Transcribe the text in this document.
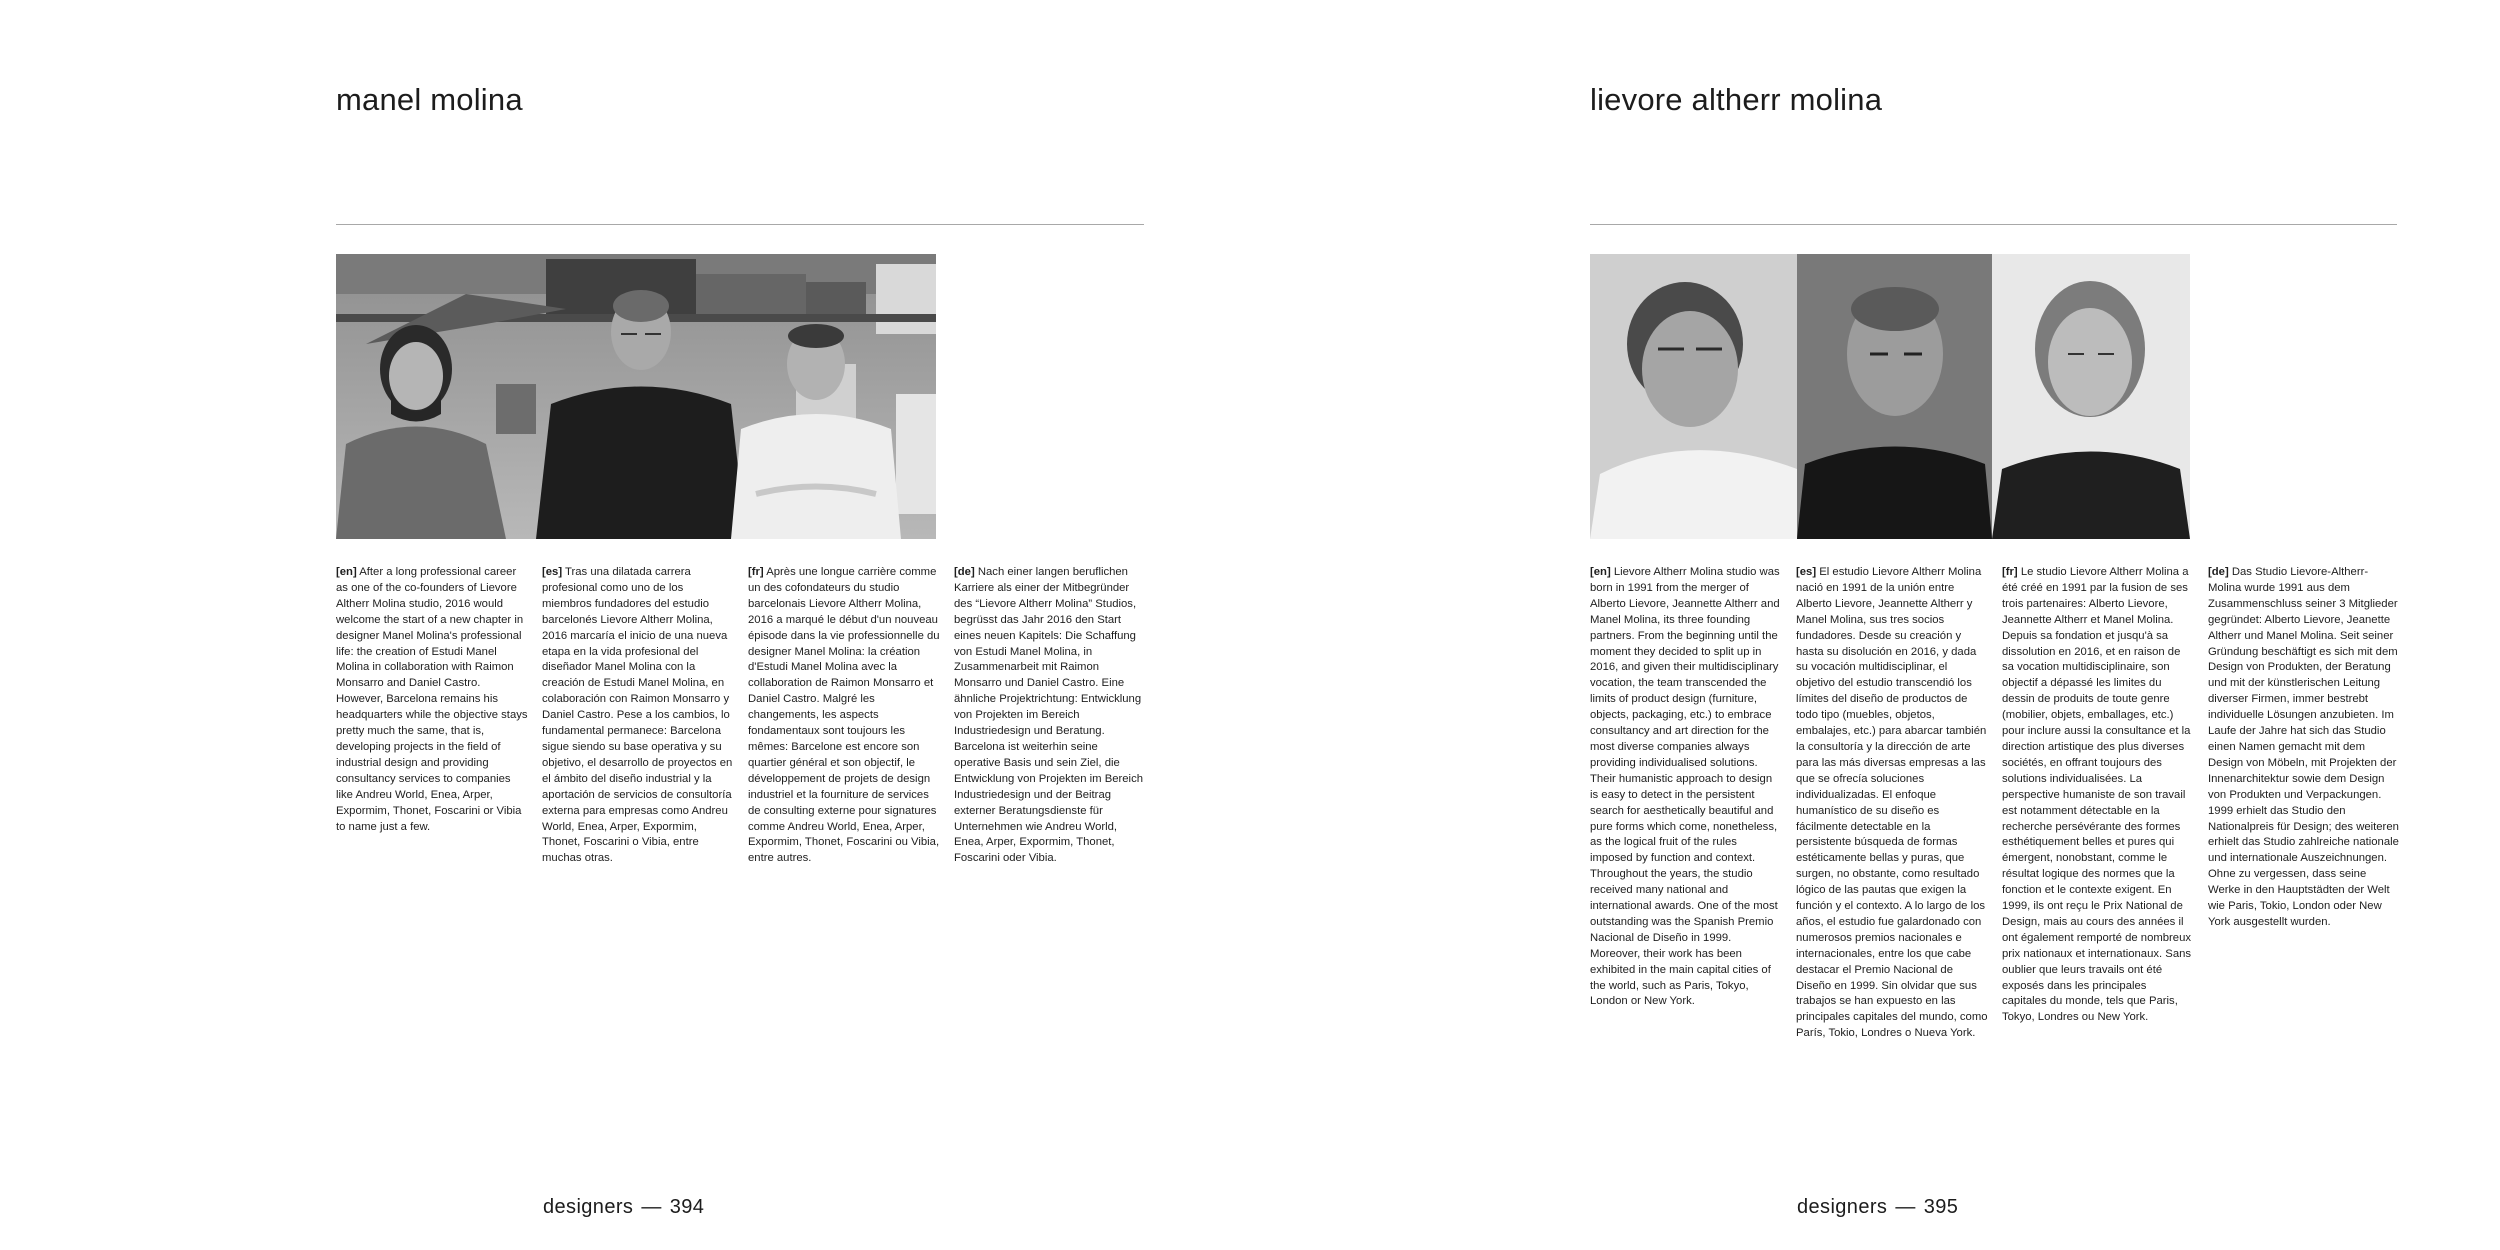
manel molina

[en] After a long professional career as one of the co-founders of Lievore Altherr Molina studio, 2016 would welcome the start of a new chapter in designer Manel Molina's professional life: the creation of Estudi Manel Molina in collaboration with Raimon Monsarro and Daniel Castro. However, Barcelona remains his headquarters while the objective stays pretty much the same, that is, developing projects in the field of industrial design and providing consultancy services to companies like Andreu World, Enea, Arper, Expormim, Thonet, Foscarini or Vibia to name just a few.

[es] Tras una dilatada carrera profesional como uno de los miembros fundadores del estudio barcelonés Lievore Altherr Molina, 2016 marcaría el inicio de una nueva etapa en la vida profesional del diseñador Manel Molina con la creación de Estudi Manel Molina, en colaboración con Raimon Monsarro y Daniel Castro. Pese a los cambios, lo fundamental permanece: Barcelona sigue siendo su base operativa y su objetivo, el desarrollo de proyectos en el ámbito del diseño industrial y la aportación de servicios de consultoría externa para empresas como Andreu World, Enea, Arper, Expormim, Thonet, Foscarini o Vibia, entre muchas otras.

[fr] Après une longue carrière comme un des cofondateurs du studio barcelonais Lievore Altherr Molina, 2016 a marqué le début d'un nouveau épisode dans la vie professionnelle du designer Manel Molina: la création d'Estudi Manel Molina avec la collaboration de Raimon Monsarro et Daniel Castro. Malgré les changements, les aspects fondamentaux sont toujours les mêmes: Barcelone est encore son quartier général et son objectif, le développement de projets de design industriel et la fourniture de services de consulting externe pour signatures comme Andreu World, Enea, Arper, Expormim, Thonet, Foscarini ou Vibia, entre autres.

[de] Nach einer langen beruflichen Karriere als einer der Mitbegründer des “Lievore Altherr Molina” Studios, begrüsst das Jahr 2016 den Start eines neuen Kapitels: Die Schaffung von Estudi Manel Molina, in Zusammenarbeit mit Raimon Monsarro und Daniel Castro. Eine ähnliche Projektrichtung: Entwicklung von Projekten im Bereich Industriedesign und Beratung. Barcelona ist weiterhin seine operative Basis und sein Ziel, die Entwicklung von Projekten im Bereich Industriedesign und der Beitrag externer Beratungsdienste für Unternehmen wie Andreu World, Enea, Arper, Expormim, Thonet, Foscarini oder Vibia.

designers — 394

lievore altherr molina

[en] Lievore Altherr Molina studio was born in 1991 from the merger of Alberto Lievore, Jeannette Altherr and Manel Molina, its three founding partners. From the beginning until the moment they decided to split up in 2016, and given their multidisciplinary vocation, the team transcended the limits of product design (furniture, objects, packaging, etc.) to embrace consultancy and art direction for the most diverse companies always providing individualised solutions. Their humanistic approach to design is easy to detect in the persistent search for aesthetically beautiful and pure forms which come, nonetheless, as the logical fruit of the rules imposed by function and context. Throughout the years, the studio received many national and international awards. One of the most outstanding was the Spanish Premio Nacional de Diseño in 1999. Moreover, their work has been exhibited in the main capital cities of the world, such as Paris, Tokyo, London or New York.

[es] El estudio Lievore Altherr Molina nació en 1991 de la unión entre Alberto Lievore, Jeannette Altherr y Manel Molina, sus tres socios fundadores. Desde su creación y hasta su disolución en 2016, y dada su vocación multidisciplinar, el objetivo del estudio transcendió los límites del diseño de productos de todo tipo (muebles, objetos, embalajes, etc.) para abarcar también la consultoría y la dirección de arte para las más diversas empresas a las que se ofrecía soluciones individualizadas. El enfoque humanístico de su diseño es fácilmente detectable en la persistente búsqueda de formas estéticamente bellas y puras, que surgen, no obstante, como resultado lógico de las pautas que exigen la función y el contexto. A lo largo de los años, el estudio fue galardonado con numerosos premios nacionales e internacionales, entre los que cabe destacar el Premio Nacional de Diseño en 1999. Sin olvidar que sus trabajos se han expuesto en las principales capitales del mundo, como París, Tokio, Londres o Nueva York.

[fr] Le studio Lievore Altherr Molina a été créé en 1991 par la fusion de ses trois partenaires: Alberto Lievore, Jeannette Altherr et Manel Molina. Depuis sa fondation et jusqu'à sa dissolution en 2016, et en raison de sa vocation multidisciplinaire, son objectif a dépassé les limites du dessin de produits de toute genre (mobilier, objets, emballages, etc.) pour inclure aussi la consultance et la direction artistique des plus diverses sociétés, en offrant toujours des solutions individualisées. La perspective humaniste de son travail est notamment détectable en la recherche persévérante des formes esthétiquement belles et pures qui émergent, nonobstant, comme le résultat logique des normes que la fonction et le contexte exigent. En 1999, ils ont reçu le Prix National de Design, mais au cours des années il ont également remporté de nombreux prix nationaux et internationaux. Sans oublier que leurs travails ont été exposés dans les principales capitales du monde, tels que Paris, Tokyo, Londres ou New York.

[de] Das Studio Lievore-Altherr-Molina wurde 1991 aus dem Zusammenschluss seiner 3 Mitglieder gegründet: Alberto Lievore, Jeanette Altherr und Manel Molina. Seit seiner Gründung beschäftigt es sich mit dem Design von Produkten, der Beratung und mit der künstlerischen Leitung diverser Firmen, immer bestrebt individuelle Lösungen anzubieten. Im Laufe der Jahre hat sich das Studio einen Namen gemacht mit dem Design von Möbeln, mit Projekten der Innenarchitektur sowie dem Design von Produkten und Verpackungen. 1999 erhielt das Studio den Nationalpreis für Design; des weiteren erhielt das Studio zahlreiche nationale und internationale Auszeichnungen. Ohne zu vergessen, dass seine Werke in den Hauptstädten der Welt wie Paris, Tokio, London oder New York ausgestellt wurden.

designers — 395
